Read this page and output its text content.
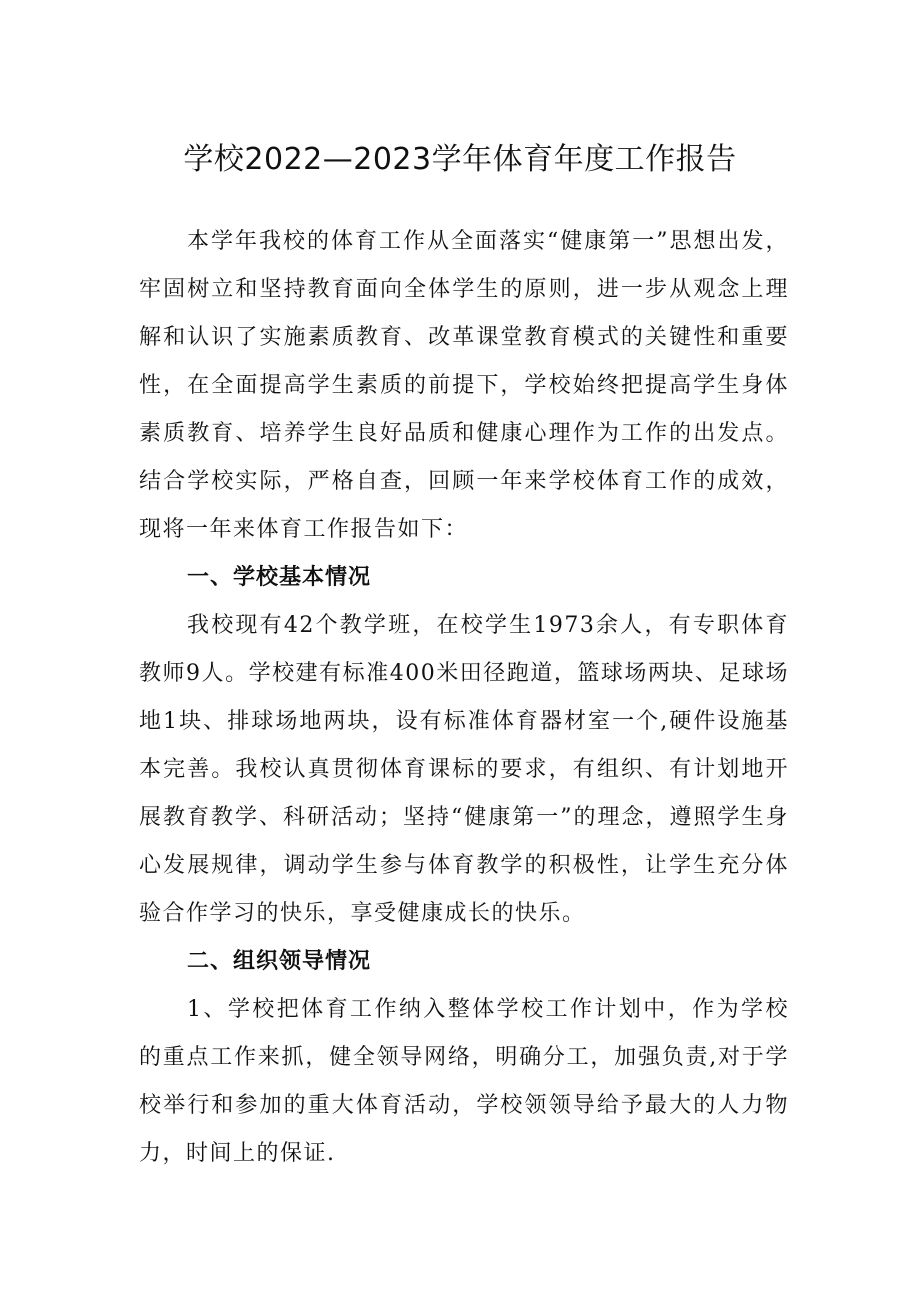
学校2022—2023学年体育年度工作报告

本学年我校的体育工作从全面落实“健康第一”思想出发，牢固树立和坚持教育面向全体学生的原则，进一步从观念上理解和认识了实施素质教育、改革课堂教育模式的关键性和重要性，在全面提高学生素质的前提下，学校始终把提高学生身体素质教育、培养学生良好品质和健康心理作为工作的出发点。结合学校实际，严格自查，回顾一年来学校体育工作的成效，现将一年来体育工作报告如下：

一、学校基本情况

我校现有42个教学班，在校学生1973余人，有专职体育教师9人。学校建有标准400米田径跑道，篮球场两块、足球场地1块、排球场地两块，设有标准体育器材室一个,硬件设施基本完善。我校认真贯彻体育课标的要求，有组织、有计划地开展教育教学、科研活动；坚持“健康第一”的理念，遵照学生身心发展规律，调动学生参与体育教学的积极性，让学生充分体验合作学习的快乐，享受健康成长的快乐。

二、组织领导情况

1、学校把体育工作纳入整体学校工作计划中，作为学校的重点工作来抓，健全领导网络，明确分工，加强负责,对于学校举行和参加的重大体育活动，学校领领导给予最大的人力物力，时间上的保证.
